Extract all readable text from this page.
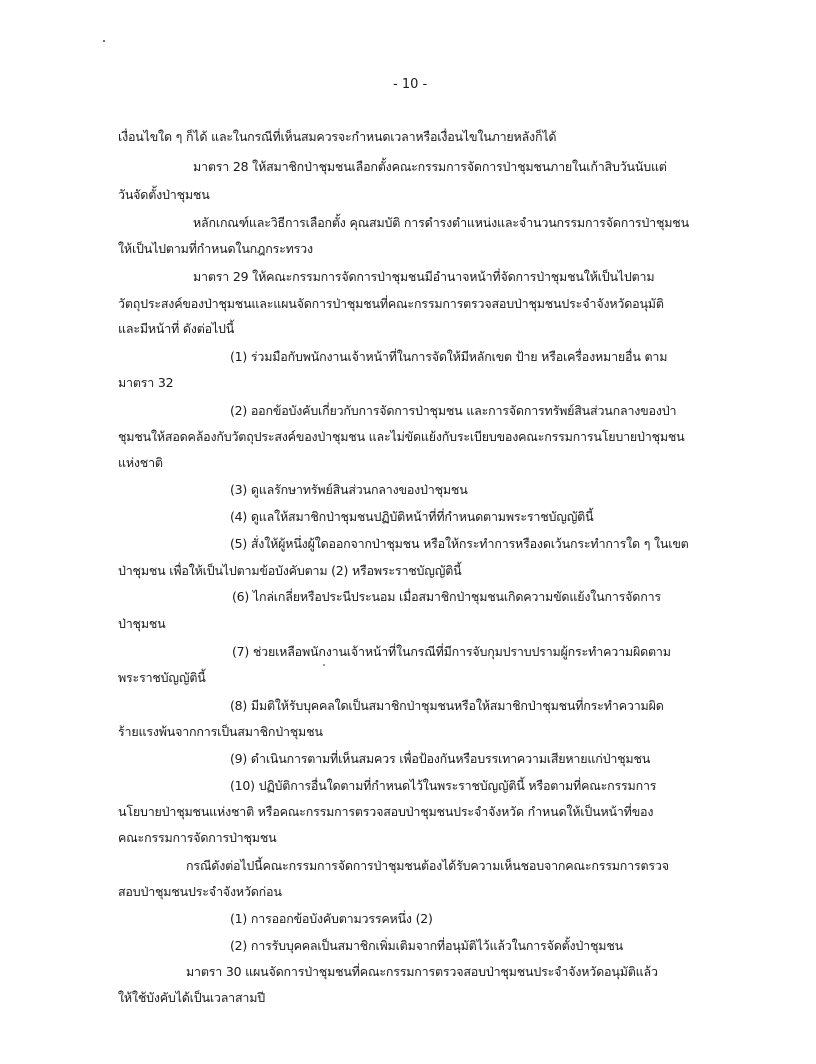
- 10 -
เงื่อนไขใด ๆ ก็ได้ และในกรณีที่เห็นสมควรจะกำหนดเวลาหรือเงื่อนไขในภายหลังก็ได้
มาตรา 28 ให้สมาชิกป่าชุมชนเลือกตั้งคณะกรรมการจัดการป่าชุมชนภายในเก้าสิบวันนับแต่
วันจัดตั้งป่าชุมชน
หลักเกณฑ์และวิธีการเลือกตั้ง คุณสมบัติ การดำรงตำแหน่งและจำนวนกรรมการจัดการป่าชุมชน
ให้เป็นไปตามที่กำหนดในกฎกระทรวง
มาตรา 29 ให้คณะกรรมการจัดการป่าชุมชนมีอำนาจหน้าที่จัดการป่าชุมชนให้เป็นไปตาม
วัตถุประสงค์ของป่าชุมชนและแผนจัดการป่าชุมชนที่คณะกรรมการตรวจสอบป่าชุมชนประจำจังหวัดอนุมัติ
และมีหน้าที่ ดังต่อไปนี้
(1) ร่วมมือกับพนักงานเจ้าหน้าที่ในการจัดให้มีหลักเขต ป้าย หรือเครื่องหมายอื่น ตาม
มาตรา 32
(2) ออกข้อบังคับเกี่ยวกับการจัดการป่าชุมชน และการจัดการทรัพย์สินส่วนกลางของป่า
ชุมชนให้สอดคล้องกับวัตถุประสงค์ของป่าชุมชน และไม่ขัดแย้งกับระเบียบของคณะกรรมการนโยบายป่าชุมชน
แห่งชาติ
(3) ดูแลรักษาทรัพย์สินส่วนกลางของป่าชุมชน
(4) ดูแลให้สมาชิกป่าชุมชนปฏิบัติหน้าที่ที่กำหนดตามพระราชบัญญัตินี้
(5) สั่งให้ผู้หนึ่งผู้ใดออกจากป่าชุมชน หรือให้กระทำการหรืองดเว้นกระทำการใด ๆ ในเขต
ป่าชุมชน เพื่อให้เป็นไปตามข้อบังคับตาม (2) หรือพระราชบัญญัตินี้
(6) ไกล่เกลี่ยหรือประนีประนอม เมื่อสมาชิกป่าชุมชนเกิดความขัดแย้งในการจัดการ
ป่าชุมชน
(7) ช่วยเหลือพนักงานเจ้าหน้าที่ในกรณีที่มีการจับกุมปราบปรามผู้กระทำความผิดตาม
พระราชบัญญัตินี้
(8) มีมติให้รับบุคคลใดเป็นสมาชิกป่าชุมชนหรือให้สมาชิกป่าชุมชนที่กระทำความผิด
ร้ายแรงพ้นจากการเป็นสมาชิกป่าชุมชน
(9) ดำเนินการตามที่เห็นสมควร เพื่อป้องกันหรือบรรเทาความเสียหายแก่ป่าชุมชน
(10) ปฏิบัติการอื่นใดตามที่กำหนดไว้ในพระราชบัญญัตินี้ หรือตามที่คณะกรรมการ
นโยบายป่าชุมชนแห่งชาติ หรือคณะกรรมการตรวจสอบป่าชุมชนประจำจังหวัด กำหนดให้เป็นหน้าที่ของ
คณะกรรมการจัดการป่าชุมชน
กรณีดังต่อไปนี้คณะกรรมการจัดการป่าชุมชนต้องได้รับความเห็นชอบจากคณะกรรมการตรวจ
สอบป่าชุมชนประจำจังหวัดก่อน
(1) การออกข้อบังคับตามวรรคหนึ่ง (2)
(2) การรับบุคคลเป็นสมาชิกเพิ่มเติมจากที่อนุมัติไว้แล้วในการจัดตั้งป่าชุมชน
มาตรา 30 แผนจัดการป่าชุมชนที่คณะกรรมการตรวจสอบป่าชุมชนประจำจังหวัดอนุมัติแล้ว
ให้ใช้บังคับได้เป็นเวลาสามปี
